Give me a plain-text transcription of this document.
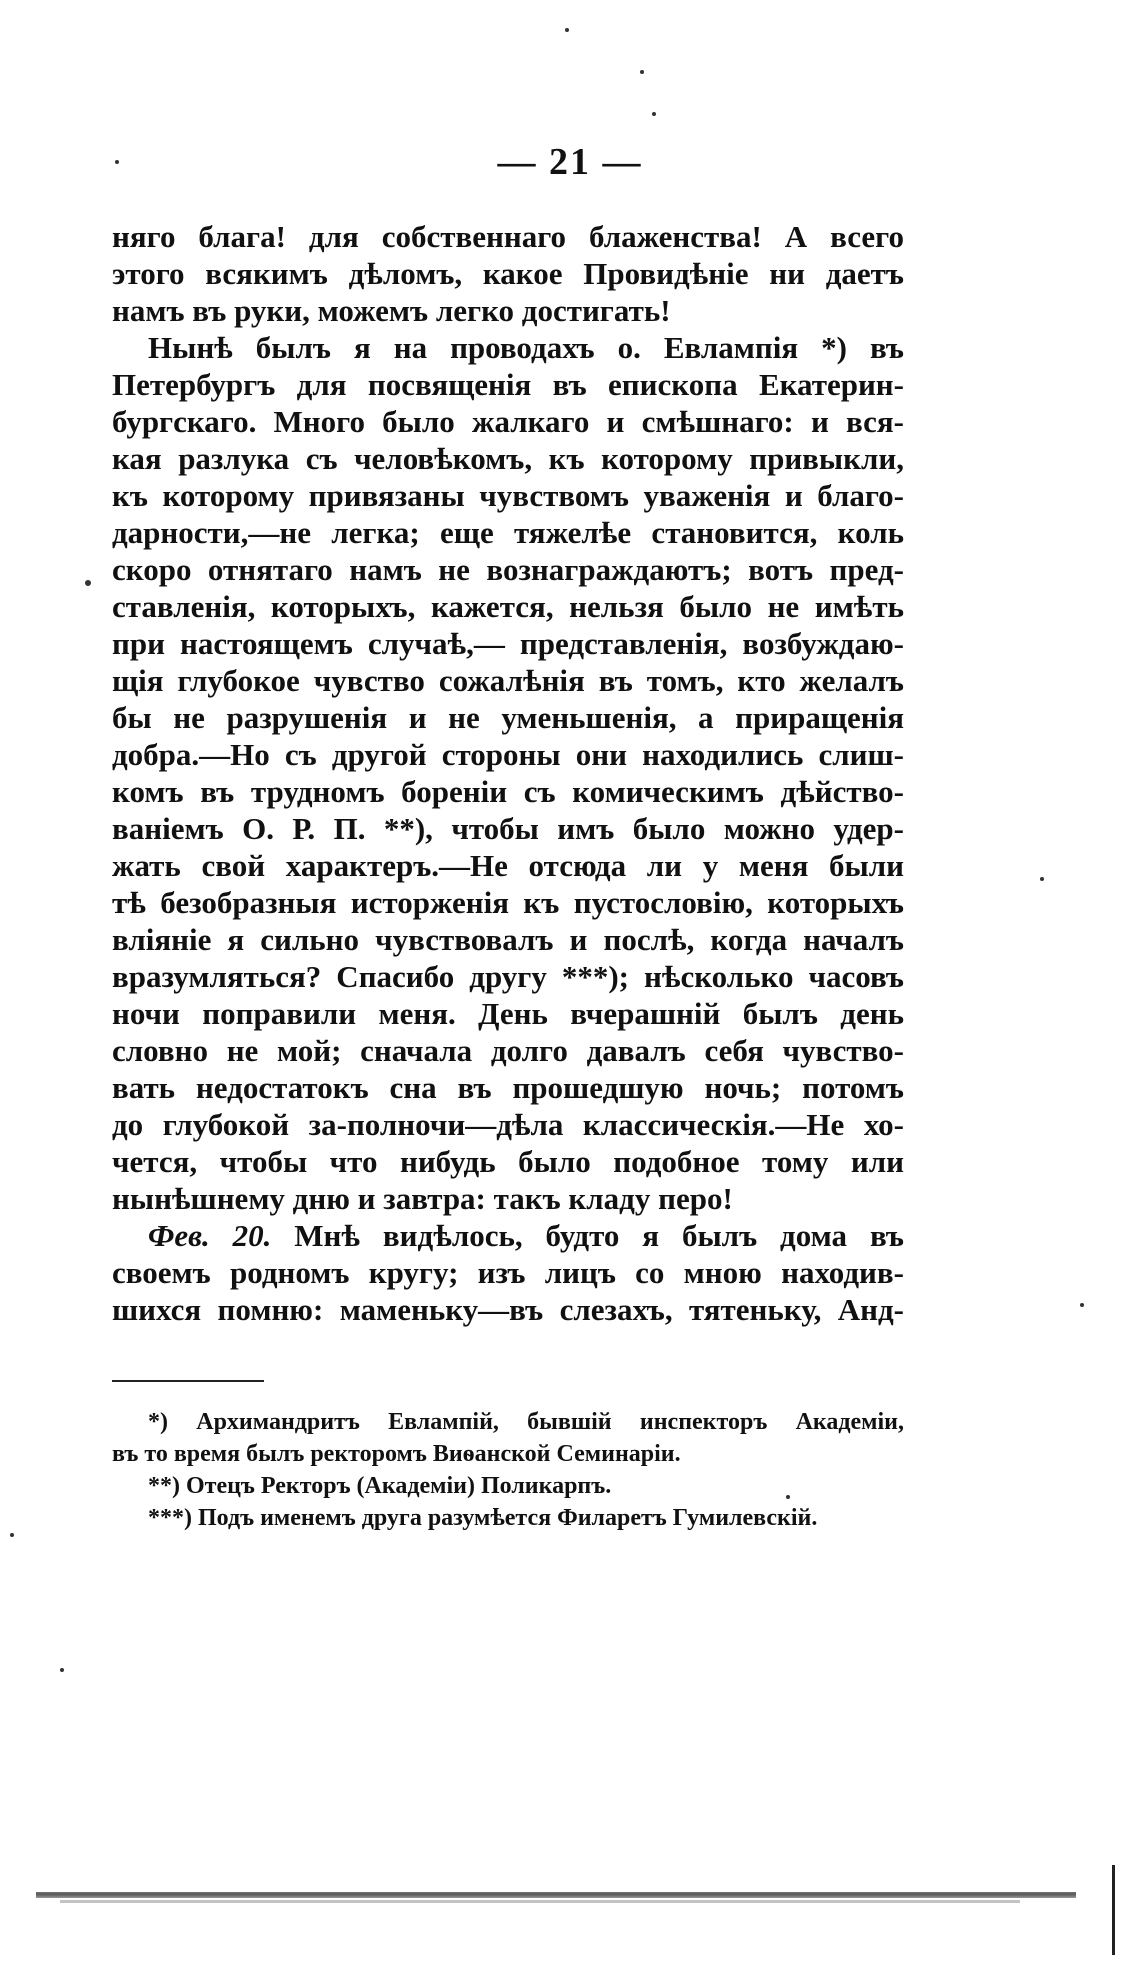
— 21 —
няго блага! для собственнаго блаженства! А всего
этого всякимъ дѣломъ, какое Провидѣніе ни даетъ
намъ въ руки, можемъ легко достигать!
Нынѣ былъ я на проводахъ о. Евлампія *) въ
Петербургъ для посвященія въ епископа Екатерин-
бургскаго. Много было жалкаго и смѣшнаго: и вся-
кая разлука съ человѣкомъ, къ которому привыкли,
къ которому привязаны чувствомъ уваженія и благо-
дарности,—не легка; еще тяжелѣе становится, коль
скоро отнятаго намъ не вознаграждаютъ; вотъ пред-
ставленія, которыхъ, кажется, нельзя было не имѣть
при настоящемъ случаѣ,— представленія, возбуждаю-
щія глубокое чувство сожалѣнія въ томъ, кто желалъ
бы не разрушенія и не уменьшенія, а приращенія
добра.—Но съ другой стороны они находились слиш-
комъ въ трудномъ бореніи съ комическимъ дѣйство-
ваніемъ О. Р. П. **), чтобы имъ было можно удер-
жать свой характеръ.—Не отсюда ли у меня были
тѣ безобразныя исторженія къ пустословію, которыхъ
вліяніе я сильно чувствовалъ и послѣ, когда началъ
вразумляться? Спасибо другу ***); нѣсколько часовъ
ночи поправили меня. День вчерашній былъ день
словно не мой; сначала долго давалъ себя чувство-
вать недостатокъ сна въ прошедшую ночь; потомъ
до глубокой за-полночи—дѣла классическія.—Не хо-
чется, чтобы что нибудь было подобное тому или
нынѣшнему дню и завтра: такъ кладу перо!
Фев. 20. Мнѣ видѣлось, будто я былъ дома въ
своемъ родномъ кругу; изъ лицъ со мною находив-
шихся помню: маменьку—въ слезахъ, тятеньку, Анд-
*) Архимандритъ Евлампій, бывшій инспекторъ Академіи,
въ то время былъ ректоромъ Виѳанской Семинаріи.
**) Отецъ Ректоръ (Академіи) Поликарпъ.
***) Подъ именемъ друга разумѣется Филаретъ Гумилевскій.
